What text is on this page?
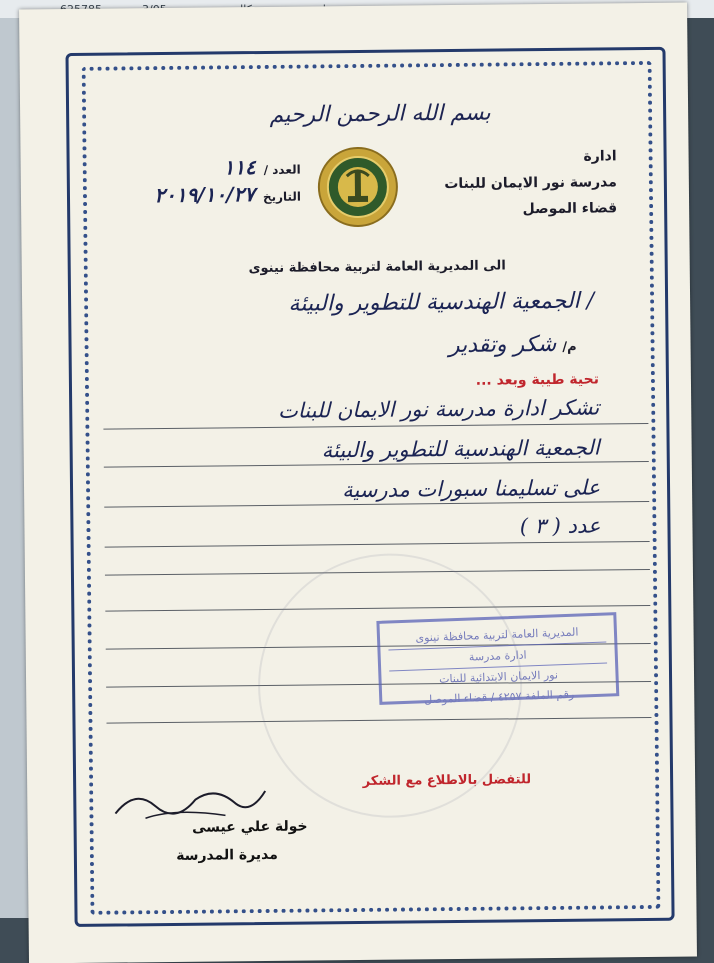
بسم الله الرحمن الرحيم
ادارة
مدرسة نور الايمان للبنات
قضاء الموصل
العدد /
١١٤
التاريخ
٢٠١٩/١٠/٢٧
الى المديرية العامة لتربية محافظة نينوى
/ الجمعية الهندسية للتطوير والبيئة
م/
شكر وتقدير
تحية طيبة وبعد ...
تشكر ادارة مدرسة نور الايمان للبنات
الجمعية الهندسية للتطوير والبيئة
على تسليمنا سبورات مدرسية
عدد ( ٣ )
المديرية العامة لتربية محافظة نينوى
ادارة مدرسة
نور الايمان الابتدائية للبنات
رقم الملفة ٤٢٥٧ / قضاء الموصل
للتفضل بالاطلاع مع الشكر
خولة علي عيسى
مديرة المدرسة
